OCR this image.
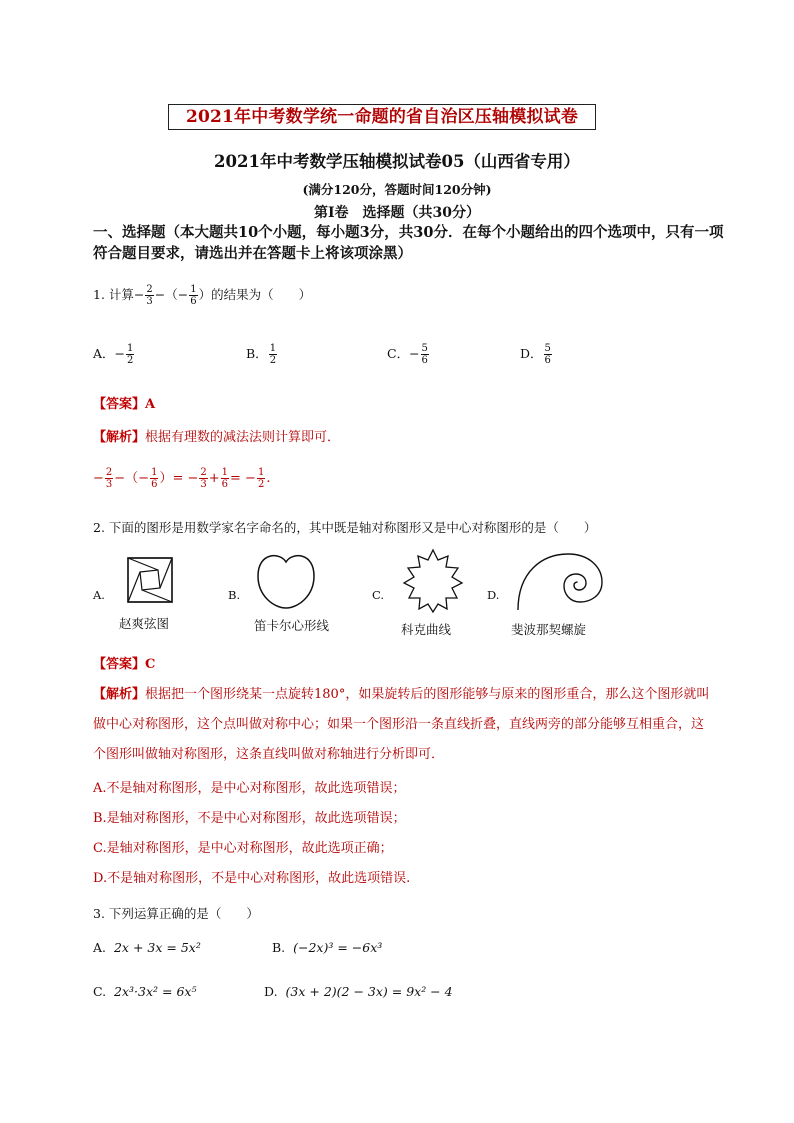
2021年中考数学统一命题的省自治区压轴模拟试卷
2021年中考数学压轴模拟试卷05（山西省专用）
(满分120分，答题时间120分钟)
第Ⅰ卷　选择题（共30分）
一、选择题（本大题共10个小题，每小题3分，共30分．在每个小题给出的四个选项中，只有一项符合题目要求，请选出并在答题卡上将该项涂黑）
1. 计算− $\frac{2}{3}$ −（− $\frac{1}{6}$ ）的结果为（　　）
A．− $\frac{1}{2}$	B． $\frac{1}{2}$	C．− $\frac{5}{6}$	D． $\frac{5}{6}$
【答案】A
【解析】根据有理数的减法法则计算即可．
− $\frac{2}{3}$ −（− $\frac{1}{6}$ ）= − $\frac{2}{3} + \frac{1}{6}$ = − $\frac{1}{2}$ .
2. 下面的图形是用数学家名字命名的，其中既是轴对称图形又是中心对称图形的是（　　）
A.
赵爽弦图
B.
笛卡尔心形线
C.
科克曲线
D.
斐波那契螺旋
【答案】C
【解析】根据把一个图形绕某一点旋转180°，如果旋转后的图形能够与原来的图形重合，那么这个图形就叫做中心对称图形，这个点叫做对称中心；如果一个图形沿一条直线折叠，直线两旁的部分能够互相重合，这个图形叫做轴对称图形，这条直线叫做对称轴进行分析即可．
A.不是轴对称图形，是中心对称图形，故此选项错误；
B.是轴对称图形，不是中心对称图形，故此选项错误；
C.是轴对称图形，是中心对称图形，故此选项正确；
D.不是轴对称图形，不是中心对称图形，故此选项错误.
3. 下列运算正确的是（　　）
A. 2x + 3x = 5x²	B. (−2x)³ = −6x³
C. 2x³·3x² = 6x⁵	D. (3x + 2)(2 − 3x) = 9x² − 4
